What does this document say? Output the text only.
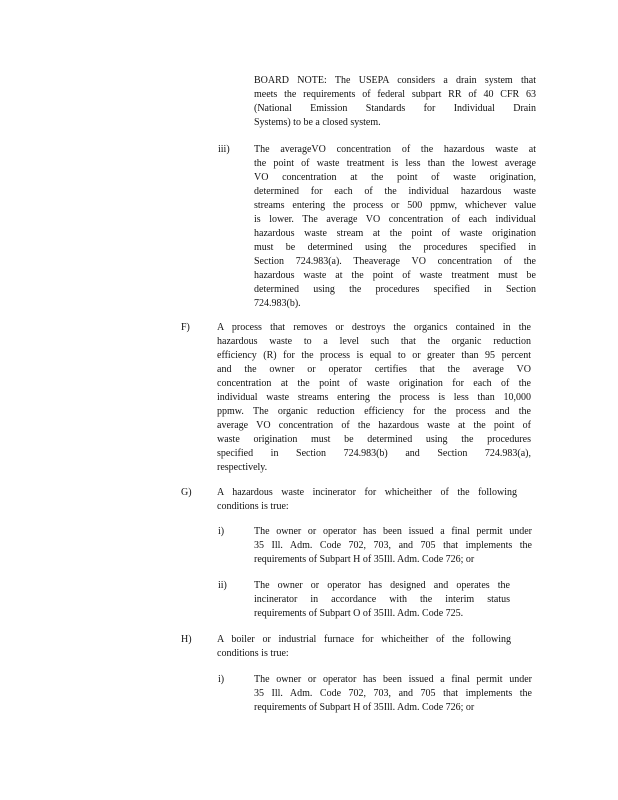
BOARD NOTE: The USEPA considers a drain system that

meets the requirements of federal subpart RR of 40 CFR 63

(National Emission Standards for Individual Drain

Systems) to be a closed system.

iii) The averageVO concentration of the hazardous waste at

the point of waste treatment is less than the lowest average

VO concentration at the point of waste origination,

determined for each of the individual hazardous waste

streams entering the process or 500 ppmw, whichever value

is lower. The average VO concentration of each individual

hazardous waste stream at the point of waste origination

must be determined using the procedures specified in

Section 724.983(a). Theaverage VO concentration of the

hazardous waste at the point of waste treatment must be

determined using the procedures specified in Section

724.983(b).

F)	A process that removes or destroys the organics contained in the

hazardous waste to a level such that the organic reduction

efficiency (R) for the process is equal to or greater than 95 percent

and the owner or operator certifies that the average VO

concentration at the point of waste origination for each of the

individual waste streams entering the process is less than 10,000

ppmw. The organic reduction efficiency for the process and the

average VO concentration of the hazardous waste at the point of

waste origination must be determined using the procedures

specified in Section 724.983(b) and Section 724.983(a),

respectively.

G)	A hazardous waste incinerator for whicheither of the following

conditions is true:

i)	The owner or operator has been issued a final permit under

35 Ill. Adm. Code 702, 703, and 705 that implements the

requirements of Subpart H of 35Ill. Adm. Code 726; or

ii)	The owner or operator has designed and operates the

incinerator in accordance with the interim status

requirements of Subpart O of 35Ill. Adm. Code 725.

H)	A boiler or industrial furnace for whicheither of the following

conditions is true:

i)	The owner or operator has been issued a final permit under

35 Ill. Adm. Code 702, 703, and 705 that implements the

requirements of Subpart H of 35Ill. Adm. Code 726; or
